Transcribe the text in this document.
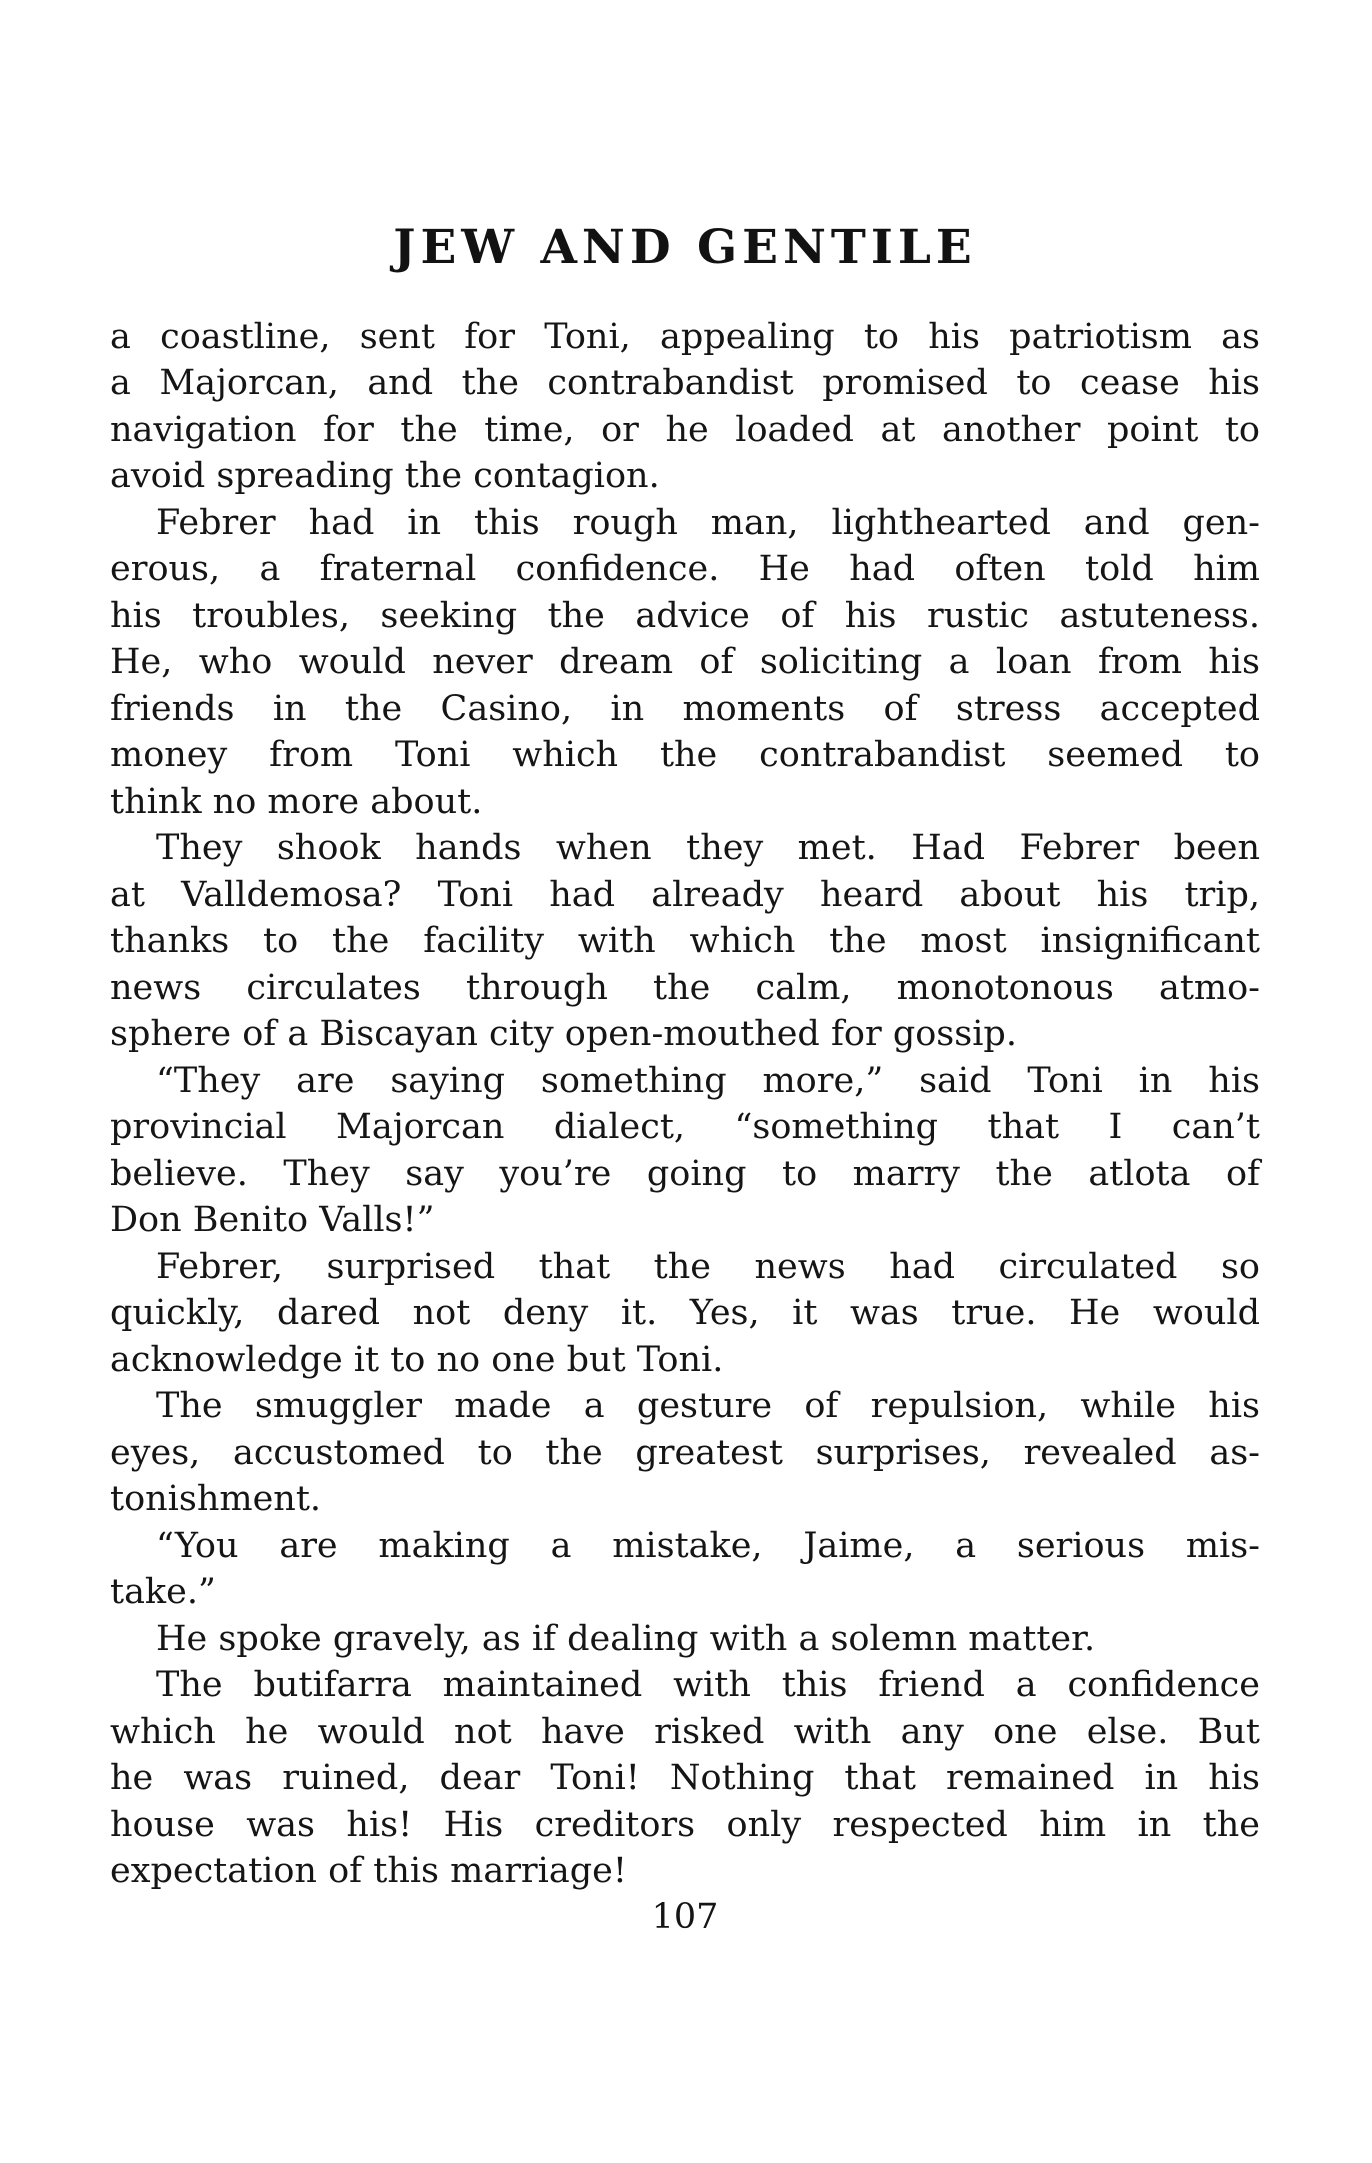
JEW AND GENTILE

a coastline, sent for Toni, appealing to his patriotism as
a Majorcan, and the contrabandist promised to cease his
navigation for the time, or he loaded at another point to
avoid spreading the contagion.

Febrer had in this rough man, lighthearted and gen-
erous, a fraternal confidence. He had often told him
his troubles, seeking the advice of his rustic astuteness.
He, who would never dream of soliciting a loan from his
friends in the Casino, in moments of stress accepted
money from Toni which the contrabandist seemed to
think no more about.

They shook hands when they met. Had Febrer been
at Valldemosa? Toni had already heard about his trip,
thanks to the facility with which the most insignificant
news circulates through the calm, monotonous atmo-
sphere of a Biscayan city open-mouthed for gossip.

“They are saying something more,” said Toni in his
provincial Majorcan dialect, “something that I can’t
believe. They say you’re going to marry the atlota of
Don Benito Valls!”

Febrer, surprised that the news had circulated so
quickly, dared not deny it. Yes, it was true. He would
acknowledge it to no one but Toni.

The smuggler made a gesture of repulsion, while his
eyes, accustomed to the greatest surprises, revealed as-
tonishment.

“You are making a mistake, Jaime, a serious mis-
take.”

He spoke gravely, as if dealing with a solemn matter.

The butifarra maintained with this friend a confidence
which he would not have risked with any one else. But
he was ruined, dear Toni! Nothing that remained in his
house was his! His creditors only respected him in the
expectation of this marriage!

107
